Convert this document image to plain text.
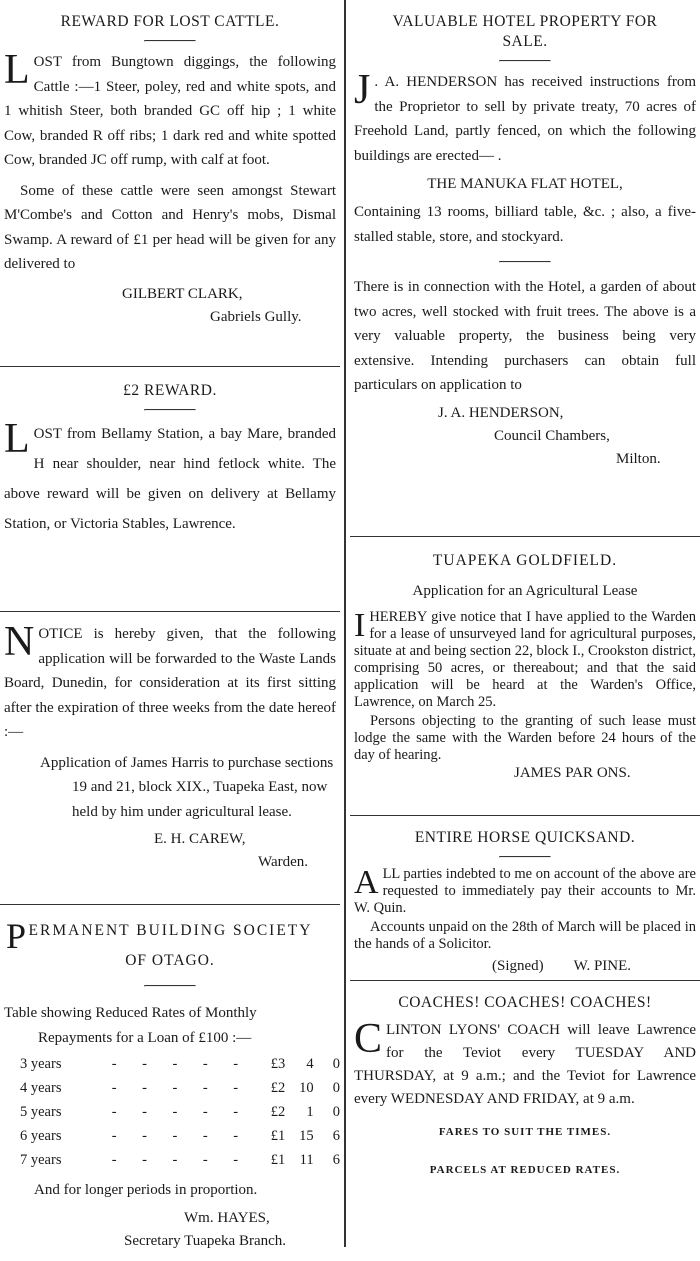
REWARD FOR LOST CATTLE.

LOST from Bungtown diggings, the following Cattle :—1 Steer, poley, red and white spots, and 1 whitish Steer, both branded GC off hip ; 1 white Cow, branded R off ribs; 1 dark red and white spotted Cow, branded JC off rump, with calf at foot.

Some of these cattle were seen amongst Stewart M'Combe's and Cotton and Henry's mobs, Dismal Swamp. A reward of £1 per head will be given for any delivered to

GILBERT CLARK,
Gabriels Gully.
£2 REWARD.

LOST from Bellamy Station, a bay Mare, branded H near shoulder, near hind fetlock white. The above reward will be given on delivery at Bellamy Station, or Victoria Stables, Lawrence.

NOTICE is hereby given, that the following application will be forwarded to the Waste Lands Board, Dunedin, for consideration at its first sitting after the expiration of three weeks from the date hereof :—

Application of James Harris to purchase sections 19 and 21, block XIX., Tuapeka East, now held by him under agricultural lease.

E. H. CAREW,
Warden.
PERMANENT BUILDING SOCIETY
OF OTAGO.

Table showing Reduced Rates of Monthly

Repayments for a Loan of £100 :—

3 years	-	-	-	-	-	£3	4	0
4 years	-	-	-	-	-	£2	10	0
5 years	-	-	-	-	-	£2	1	0
6 years	-	-	-	-	-	£1	15	6
7 years	-	-	-	-	-	£1	11	6

And for longer periods in proportion.

Wm. HAYES,
Secretary Tuapeka Branch.
VALUABLE HOTEL PROPERTY FOR
SALE.

J . A. HENDERSON has received instructions from the Proprietor to sell by private treaty, 70 acres of Freehold Land, partly fenced, on which the following buildings are erected— .

THE MANUKA FLAT HOTEL,

Containing 13 rooms, billiard table, &c. ; also, a five-stalled stable, store, and stockyard.

There is in connection with the Hotel, a garden of about two acres, well stocked with fruit trees. The above is a very valuable property, the business being very extensive. Intending purchasers can obtain full particulars on application to

J. A. HENDERSON,
Council Chambers,
Milton.
TUAPEKA GOLDFIELD.
Application for an Agricultural Lease

IHEREBY give notice that I have applied to the Warden for a lease of unsurveyed land for agricultural purposes, situate at and being section 22, block I., Crookston district, comprising 50 acres, or thereabout; and that the said application will be heard at the Warden's Office, Lawrence, on March 25.

Persons objecting to the granting of such lease must lodge the same with the Warden before 24 hours of the day of hearing.

JAMES PAR ONS.
ENTIRE HORSE QUICKSAND.

ALL parties indebted to me on account of the above are requested to immediately pay their accounts to Mr. W. Quin.

Accounts unpaid on the 28th of March will be placed in the hands of a Solicitor.

(Signed) W. PINE.
COACHES! COACHES! COACHES!

CLINTON LYONS' COACH will leave Lawrence for the Teviot every TUESDAY AND THURSDAY, at 9 a.m.; and the Teviot for Lawrence every WEDNESDAY AND FRIDAY, at 9 a.m.

FARES TO SUIT THE TIMES.
PARCELS AT REDUCED RATES.
